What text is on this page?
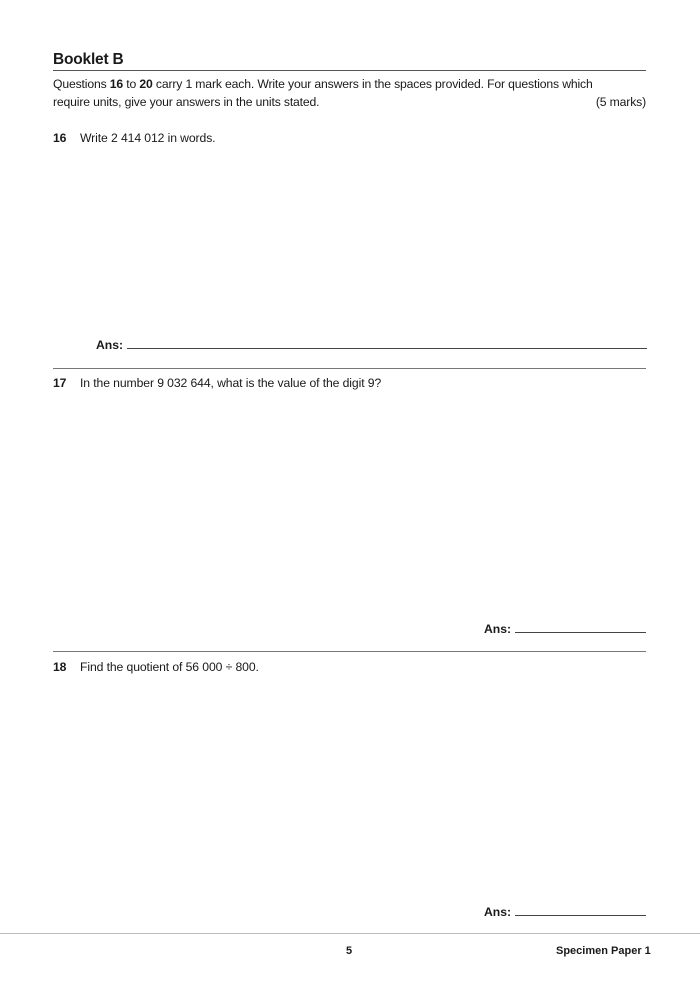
Booklet B
Questions 16 to 20 carry 1 mark each. Write your answers in the spaces provided. For questions which
require units, give your answers in the units stated.	(5 marks)
16	Write 2 414 012 in words.
Ans:
17	In the number 9 032 644, what is the value of the digit 9?
Ans:
18	Find the quotient of 56 000 ÷ 800.
Ans:
5	Specimen Paper 1
